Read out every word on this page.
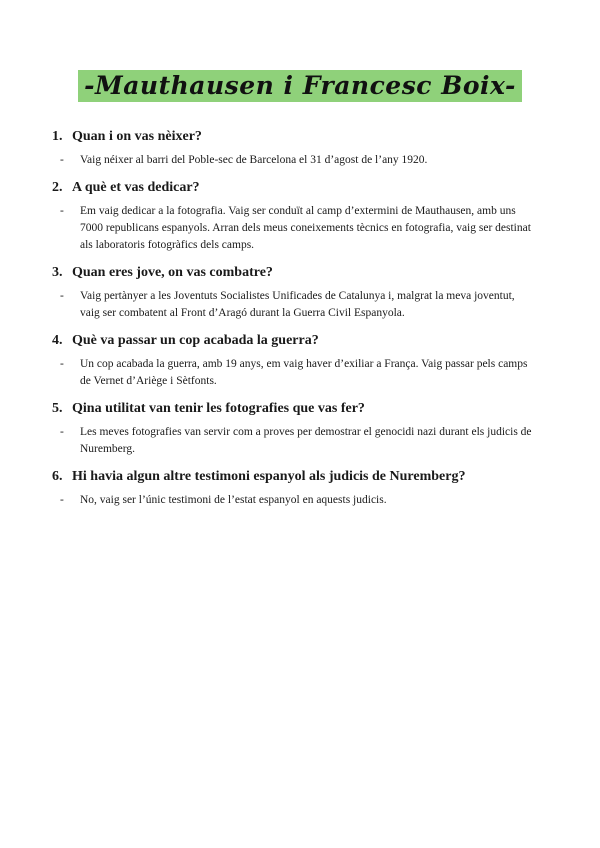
-Mauthausen i Francesc Boix-
1. Quan i on vas nèixer?
-	Vaig néixer al barri del Poble-sec de Barcelona el 31 d’agost de l’any 1920.
2. A què et vas dedicar?
-	Em vaig dedicar a la fotografia. Vaig ser conduït al camp d’extermini de Mauthausen, amb uns 7000 republicans espanyols. Arran dels meus coneixements tècnics en fotografia, vaig ser destinat als laboratoris fotogràfics dels camps.
3. Quan eres jove, on vas combatre?
-	Vaig pertànyer a les Joventuts Socialistes Unificades de Catalunya i, malgrat la meva joventut, vaig ser combatent al Front d’Aragó durant la Guerra Civil Espanyola.
4. Què va passar un cop acabada la guerra?
-	Un cop acabada la guerra, amb 19 anys, em vaig haver d’exiliar a França. Vaig passar pels camps de Vernet d’Ariège i Sètfonts.
5. Qina utilitat van tenir les fotografies que vas fer?
-	Les meves fotografies van servir com a proves per demostrar el genocidi nazi durant els judicis de Nuremberg.
6. Hi havia algun altre testimoni espanyol als judicis de Nuremberg?
-	No, vaig ser l’únic testimoni de l’estat espanyol en aquests judicis.
